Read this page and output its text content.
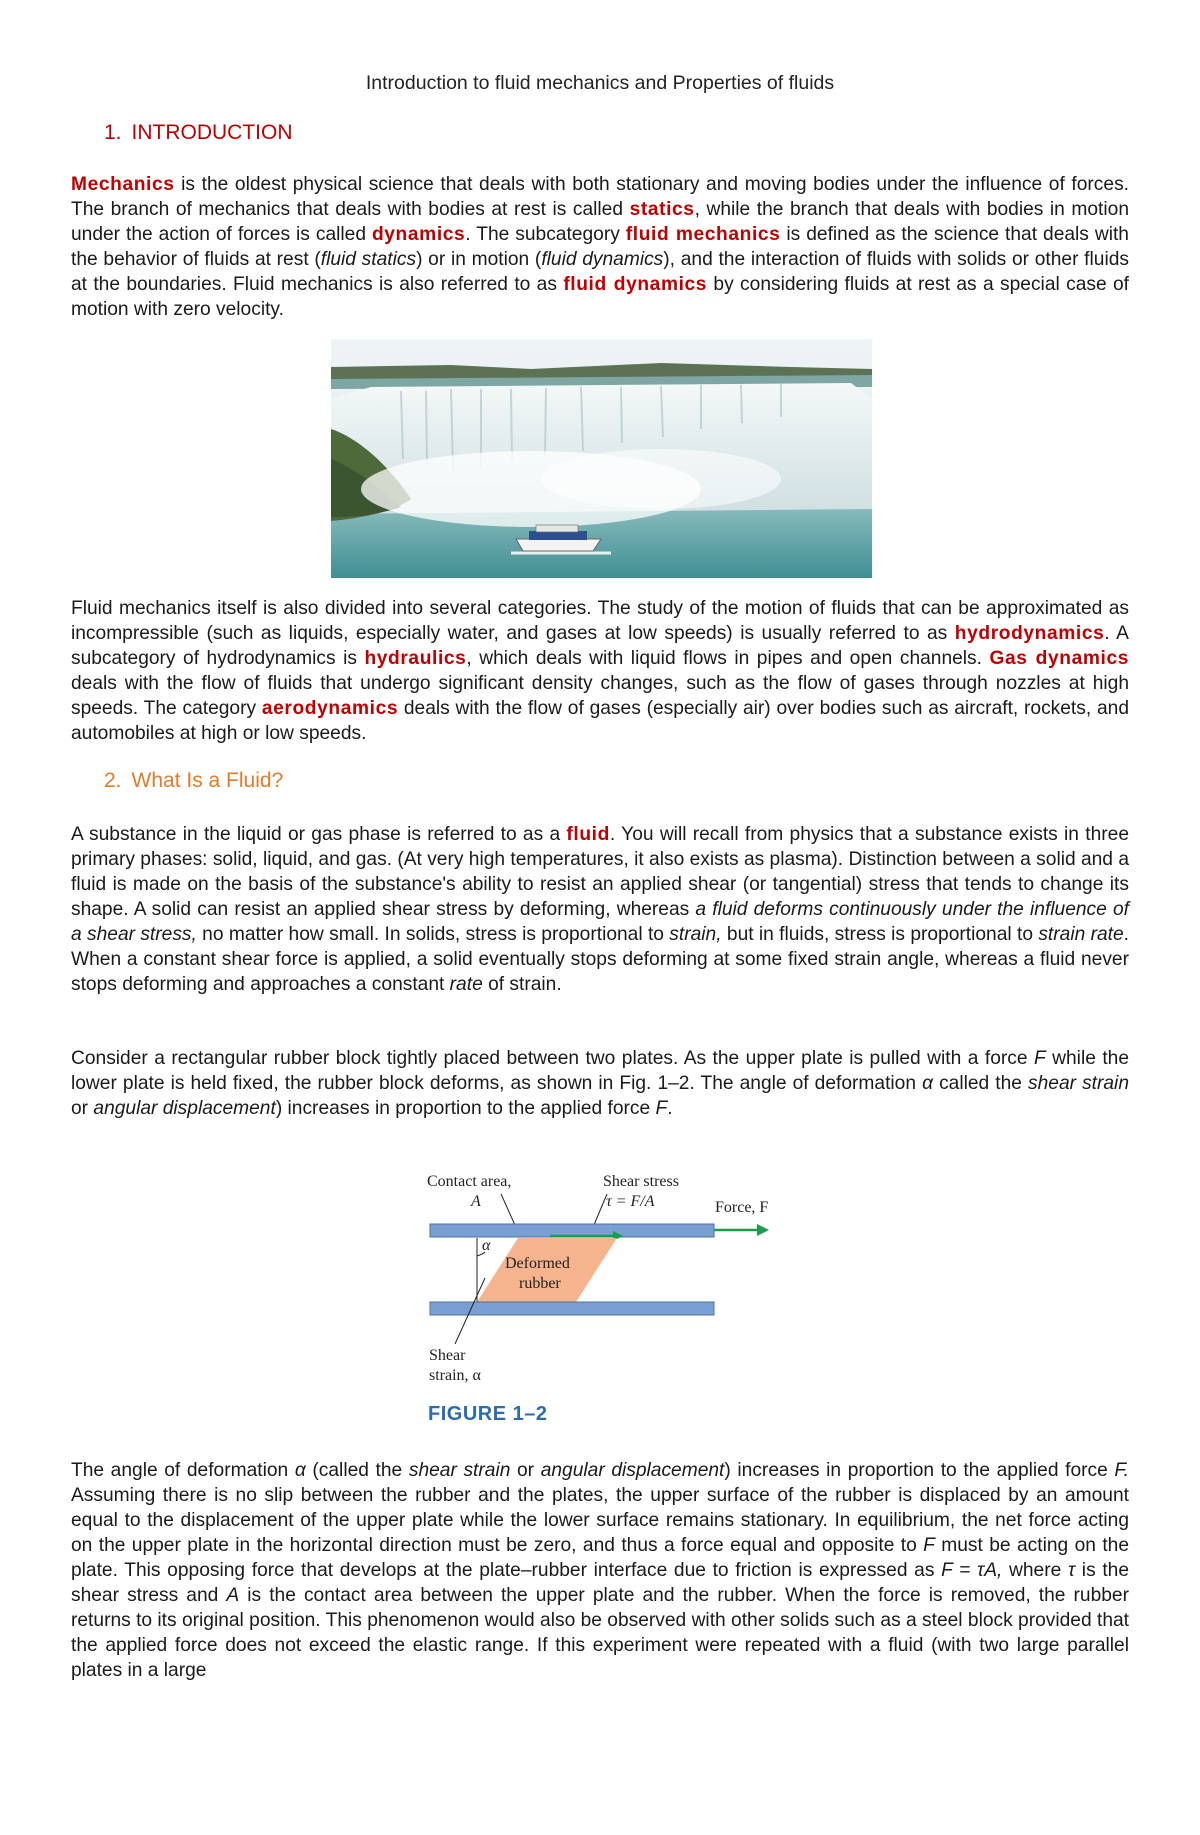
Introduction to fluid mechanics and Properties of fluids
1. INTRODUCTION
Mechanics is the oldest physical science that deals with both stationary and moving bodies under the influence of forces. The branch of mechanics that deals with bodies at rest is called statics, while the branch that deals with bodies in motion under the action of forces is called dynamics. The subcategory fluid mechanics is defined as the science that deals with the behavior of fluids at rest (fluid statics) or in motion (fluid dynamics), and the interaction of fluids with solids or other fluids at the boundaries. Fluid mechanics is also referred to as fluid dynamics by considering fluids at rest as a special case of motion with zero velocity.
Fluid mechanics itself is also divided into several categories. The study of the motion of fluids that can be approximated as incompressible (such as liquids, especially water, and gases at low speeds) is usually referred to as hydrodynamics. A subcategory of hydrodynamics is hydraulics, which deals with liquid flows in pipes and open channels. Gas dynamics deals with the flow of fluids that undergo significant density changes, such as the flow of gases through nozzles at high speeds. The category aerodynamics deals with the flow of gases (especially air) over bodies such as aircraft, rockets, and automobiles at high or low speeds.
2. What Is a Fluid?
A substance in the liquid or gas phase is referred to as a fluid. You will recall from physics that a substance exists in three primary phases: solid, liquid, and gas. (At very high temperatures, it also exists as plasma). Distinction between a solid and a fluid is made on the basis of the substance's ability to resist an applied shear (or tangential) stress that tends to change its shape. A solid can resist an applied shear stress by deforming, whereas a fluid deforms continuously under the influence of a shear stress, no matter how small. In solids, stress is proportional to strain, but in fluids, stress is proportional to strain rate. When a constant shear force is applied, a solid eventually stops deforming at some fixed strain angle, whereas a fluid never stops deforming and approaches a constant rate of strain.
Consider a rectangular rubber block tightly placed between two plates. As the upper plate is pulled with a force F while the lower plate is held fixed, the rubber block deforms, as shown in Fig. 1–2. The angle of deformation α called the shear strain or angular displacement) increases in proportion to the applied force F.
Contact area,
A
Shear stress
τ = F/A	Force, F
Deformed
rubber
α
Shear
strain, α
FIGURE 1–2
The angle of deformation α (called the shear strain or angular displacement) increases in proportion to the applied force F. Assuming there is no slip between the rubber and the plates, the upper surface of the rubber is displaced by an amount equal to the displacement of the upper plate while the lower surface remains stationary. In equilibrium, the net force acting on the upper plate in the horizontal direction must be zero, and thus a force equal and opposite to F must be acting on the plate. This opposing force that develops at the plate–rubber interface due to friction is expressed as F = τA, where τ is the shear stress and A is the contact area between the upper plate and the rubber. When the force is removed, the rubber returns to its original position. This phenomenon would also be observed with other solids such as a steel block provided that the applied force does not exceed the elastic range. If this experiment were repeated with a fluid (with two large parallel plates in a large
